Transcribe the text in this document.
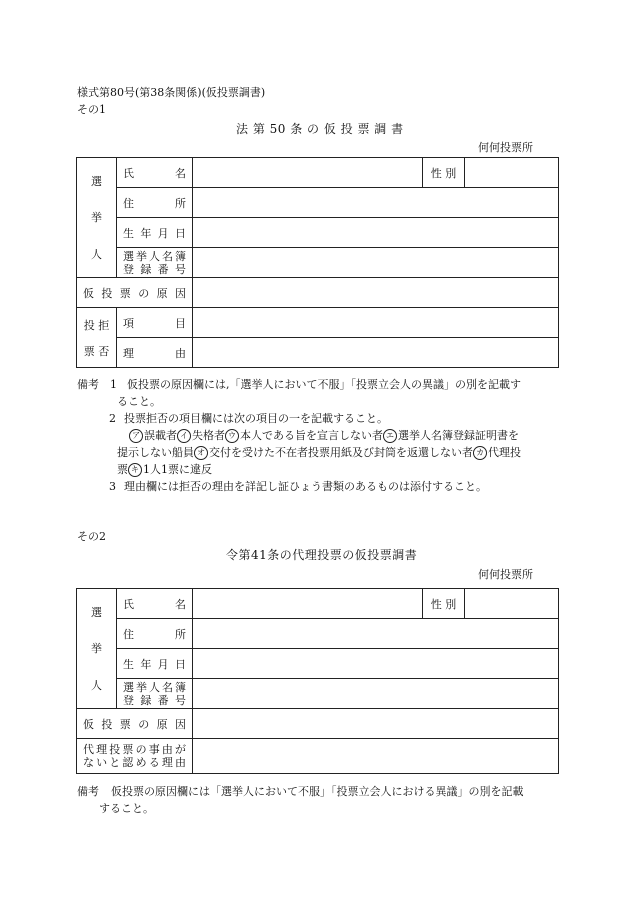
様式第80号(第38条関係)(仮投票調書)
その1
法 第 50 条 の 仮 投 票 調 書
何何投票所
選
挙
人	氏　　名		性 別	
	住　　所			
	生 年 月 日			

	選挙人名簿
登 録 番 号			

仮 投 票 の 原 因				

投 拒
票 否	項　　目			
	理　　由			

備考 1 仮投票の原因欄には,「選挙人において不服」「投票立会人の異議」の別を記載す

ること。

2 投票拒否の項目欄には次の項目の一を記載すること。

ア 誤載者 イ 失格者 ウ 本人である旨を宣言しない者 エ 選挙人名簿登録証明書を

提示しない船員 オ 交付を受けた不在者投票用紙及び封筒を返還しない者 カ 代理投

票 キ 1人1票に違反

3 理由欄には拒否の理由を詳記し証ひょう書類のあるものは添付すること。

その2
令第41条の代理投票の仮投票調書
何何投票所
選
挙
人	氏　　名		性 別	
	住　　所			
	生 年 月 日			

	選挙人名簿
登 録 番 号			

仮 投 票 の 原 因				

代理投票の事由が
ないと認める理由				

備考 仮投票の原因欄には「選挙人において不服」「投票立会人における異議」の別を記載

すること。
